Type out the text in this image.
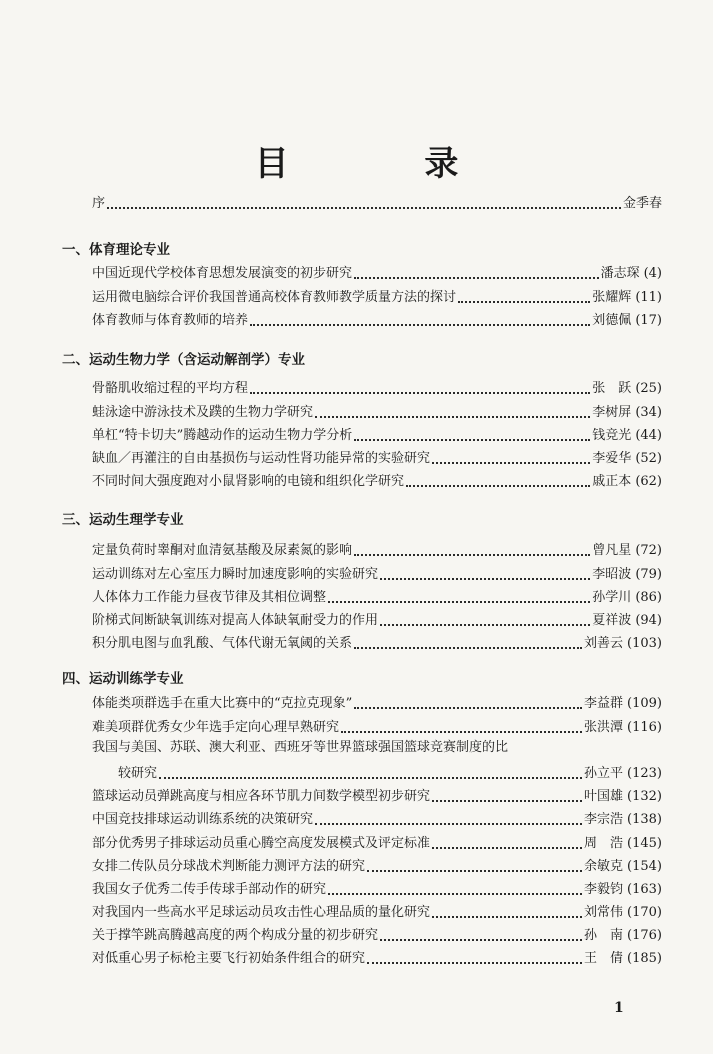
目 录
序	金季春
一、体育理论专业
中国近现代学校体育思想发展演变的初步研究	潘志琛 (4)
运用微电脑综合评价我国普通高校体育教师教学质量方法的探讨	张耀辉 (11)
体育教师与体育教师的培养	刘德佩 (17)
二、运动生物力学（含运动解剖学）专业
骨骼肌收缩过程的平均方程	张　跃 (25)
蛙泳途中游泳技术及蹼的生物力学研究	李树屏 (34)
单杠“特卡切夫”腾越动作的运动生物力学分析	钱竞光 (44)
缺血／再灌注的自由基损伤与运动性肾功能异常的实验研究	李爱华 (52)
不同时间大强度跑对小鼠肾影响的电镜和组织化学研究	戚正本 (62)
三、运动生理学专业
定量负荷时睾酮对血清氨基酸及尿素氮的影响	曾凡星 (72)
运动训练对左心室压力瞬时加速度影响的实验研究	李昭波 (79)
人体体力工作能力昼夜节律及其相位调整	孙学川 (86)
阶梯式间断缺氧训练对提高人体缺氧耐受力的作用	夏祥波 (94)
积分肌电图与血乳酸、气体代谢无氧阈的关系	刘善云 (103)
四、运动训练学专业
体能类项群选手在重大比赛中的“克拉克现象”	李益群 (109)
难美项群优秀女少年选手定向心理早熟研究	张洪潭 (116)
我国与美国、苏联、澳大利亚、西班牙等世界篮球强国篮球竞赛制度的比
较研究	孙立平 (123)
篮球运动员弹跳高度与相应各环节肌力间数学模型初步研究	叶国雄 (132)
中国竞技排球运动训练系统的决策研究	李宗浩 (138)
部分优秀男子排球运动员重心腾空高度发展模式及评定标准	周　浩 (145)
女排二传队员分球战术判断能力测评方法的研究	余敏克 (154)
我国女子优秀二传手传球手部动作的研究	李毅钧 (163)
对我国内一些高水平足球运动员攻击性心理品质的量化研究	刘常伟 (170)
关于撑竿跳高腾越高度的两个构成分量的初步研究	孙　南 (176)
对低重心男子标枪主要飞行初始条件组合的研究	王　倩 (185)
1
